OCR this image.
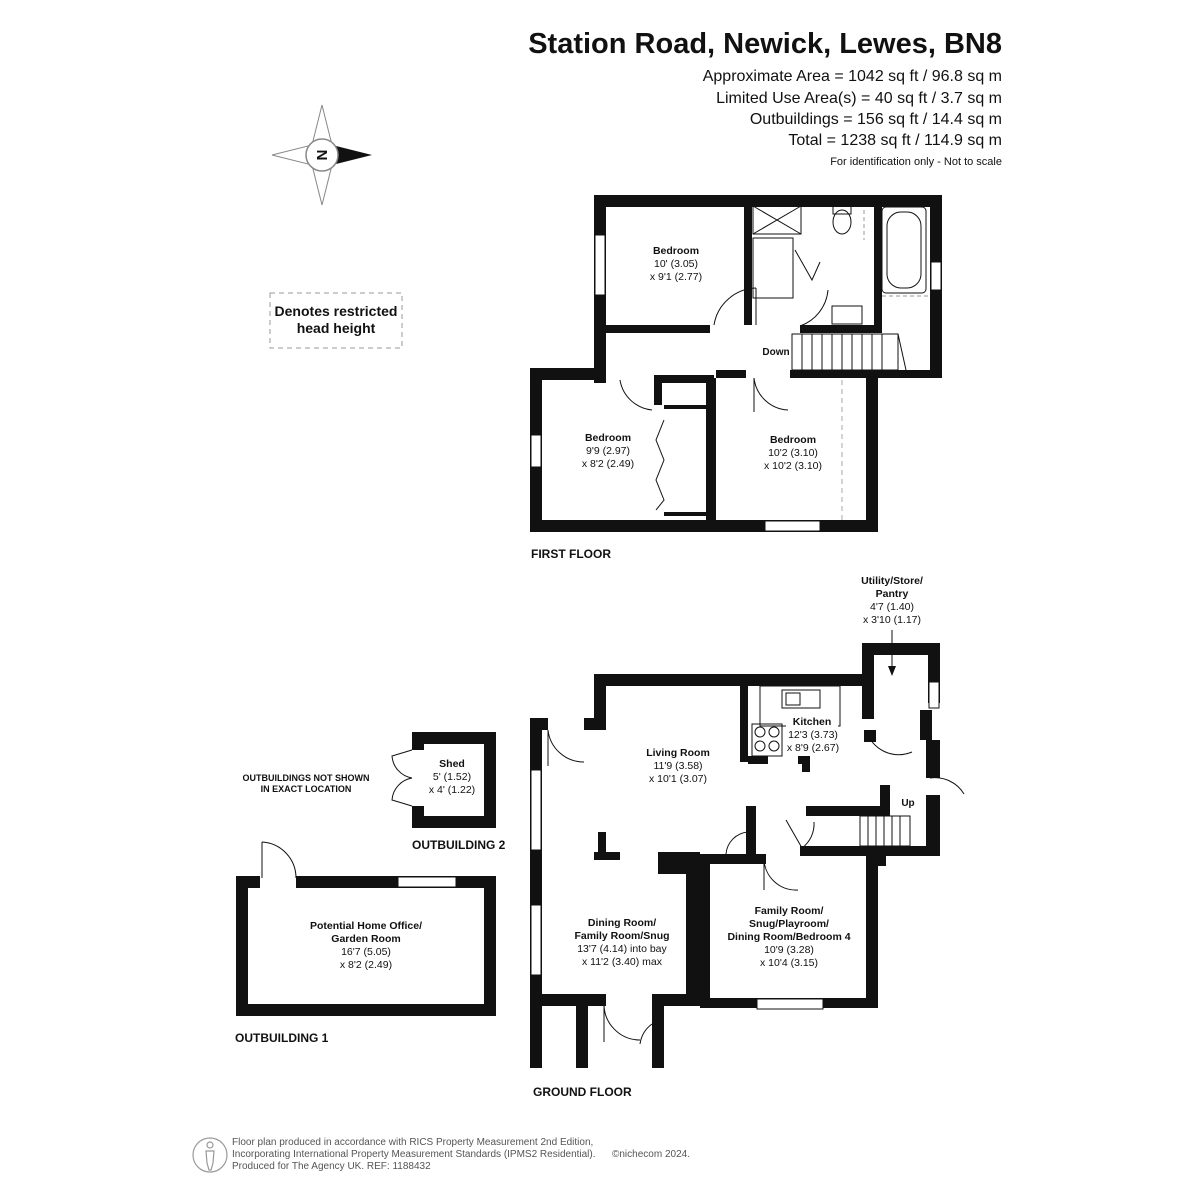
Station Road, Newick, Lewes, BN8
Approximate Area = 1042 sq ft / 96.8 sq m
Limited Use Area(s) = 40 sq ft / 3.7 sq m
Outbuildings = 156 sq ft / 14.4 sq m
Total = 1238 sq ft / 114.9 sq m
For identification only - Not to scale
N
Denotes restricted
head height
Down
Bedroom
10' (3.05)
x 9'1 (2.77)
Bedroom
9'9 (2.97)
x 8'2 (2.49)
Bedroom
10'2 (3.10)
x 10'2 (3.10)
FIRST FLOOR
Up
Utility/Store/
Pantry
4'7 (1.40)
x 3'10 (1.17)
Kitchen
12'3 (3.73)
x 8'9 (2.67)
Living Room
11'9 (3.58)
x 10'1 (3.07)
Dining Room/
Family Room/Snug
13'7 (4.14) into bay
x 11'2 (3.40) max
Family Room/
Snug/Playroom/
Dining Room/Bedroom 4
10'9 (3.28)
x 10'4 (3.15)
GROUND FLOOR
Shed
5' (1.52)
x 4' (1.22)
OUTBUILDING 2
OUTBUILDINGS NOT SHOWN
IN EXACT LOCATION
Potential Home Office/
Garden Room
16'7 (5.05)
x 8'2 (2.49)
OUTBUILDING 1
Floor plan produced in accordance with RICS Property Measurement 2nd Edition,
Incorporating International Property Measurement Standards (IPMS2 Residential). ©nichecom 2024.
Produced for The Agency UK. REF: 1188432
